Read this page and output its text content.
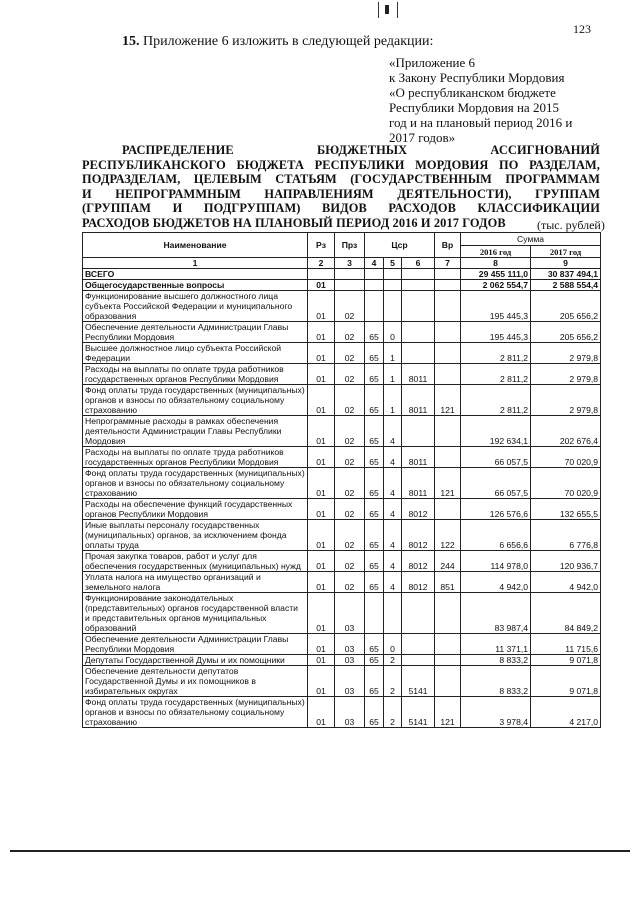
123
15. Приложение 6 изложить в следующей редакции:
«Приложение 6
к Закону Республики Мордовия
«О республиканском бюджете
Республики Мордовия на 2015
год и на плановый период 2016 и
2017 годов»
РАСПРЕДЕЛЕНИЕ БЮДЖЕТНЫХ АССИГНОВАНИЙ
РЕСПУБЛИКАНСКОГО БЮДЖЕТА РЕСПУБЛИКИ МОРДОВИЯ ПО РАЗДЕЛАМ,
ПОДРАЗДЕЛАМ, ЦЕЛЕВЫМ СТАТЬЯМ (ГОСУДАРСТВЕННЫМ ПРОГРАММАМ
И НЕПРОГРАММНЫМ НАПРАВЛЕНИЯМ ДЕЯТЕЛЬНОСТИ), ГРУППАМ
(ГРУППАМ И ПОДГРУППАМ) ВИДОВ РАСХОДОВ КЛАССИФИКАЦИИ
РАСХОДОВ БЮДЖЕТОВ НА ПЛАНОВЫЙ ПЕРИОД 2016 И 2017 ГОДОВ	(тыс. рублей)
Наименование	Рз	Прз	Цср			Вр	Сумма	
							2016 год	2017 год
1	2	3	4	5	6	7	8	9
ВСЕГО							29 455 111,0	30 837 494,1
Общегосударственные вопросы	01						2 062 554,7	2 588 554,4
Функционирование высшего должностного лица субъекта Российской Федерации и муниципального образования	01	02					195 445,3	205 656,2
Обеспечение деятельности Администрации Главы Республики Мордовия	01	02	65	0			195 445,3	205 656,2
Высшее должностное лицо субъекта Российской Федерации	01	02	65	1			2 811,2	2 979,8
Расходы на выплаты по оплате труда работников государственных органов Республики Мордовия	01	02	65	1	8011		2 811,2	2 979,8
Фонд оплаты труда государственных (муниципальных) органов и взносы по обязательному социальному страхованию	01	02	65	1	8011	121	2 811,2	2 979,8
Непрограммные расходы в рамках обеспечения деятельности Администрации Главы Республики Мордовия	01	02	65	4			192 634,1	202 676,4
Расходы на выплаты по оплате труда работников государственных органов Республики Мордовия	01	02	65	4	8011		66 057,5	70 020,9
Фонд оплаты труда государственных (муниципальных) органов и взносы по обязательному социальному страхованию	01	02	65	4	8011	121	66 057,5	70 020,9
Расходы на обеспечение функций государственных органов Республики Мордовия	01	02	65	4	8012		126 576,6	132 655,5
Иные выплаты персоналу государственных (муниципальных) органов, за исключением фонда оплаты труда	01	02	65	4	8012	122	6 656,6	6 776,8
Прочая закупка товаров, работ и услуг для обеспечения государственных (муниципальных) нужд	01	02	65	4	8012	244	114 978,0	120 936,7
Уплата налога на имущество организаций и земельного налога	01	02	65	4	8012	851	4 942,0	4 942,0
Функционирование законодательных (представительных) органов государственной власти и представительных органов муниципальных образований	01	03					83 987,4	84 849,2
Обеспечение деятельности Администрации Главы Республики Мордовия	01	03	65	0			11 371,1	11 715,6
Депутаты Государственной Думы и их помощники	01	03	65	2			8 833,2	9 071,8
Обеспечение деятельности депутатов Государственной Думы и их помощников в избирательных округах	01	03	65	2	5141		8 833,2	9 071,8
Фонд оплаты труда государственных (муниципальных) органов и взносы по обязательному социальному страхованию	01	03	65	2	5141	121	3 978,4	4 217,0
